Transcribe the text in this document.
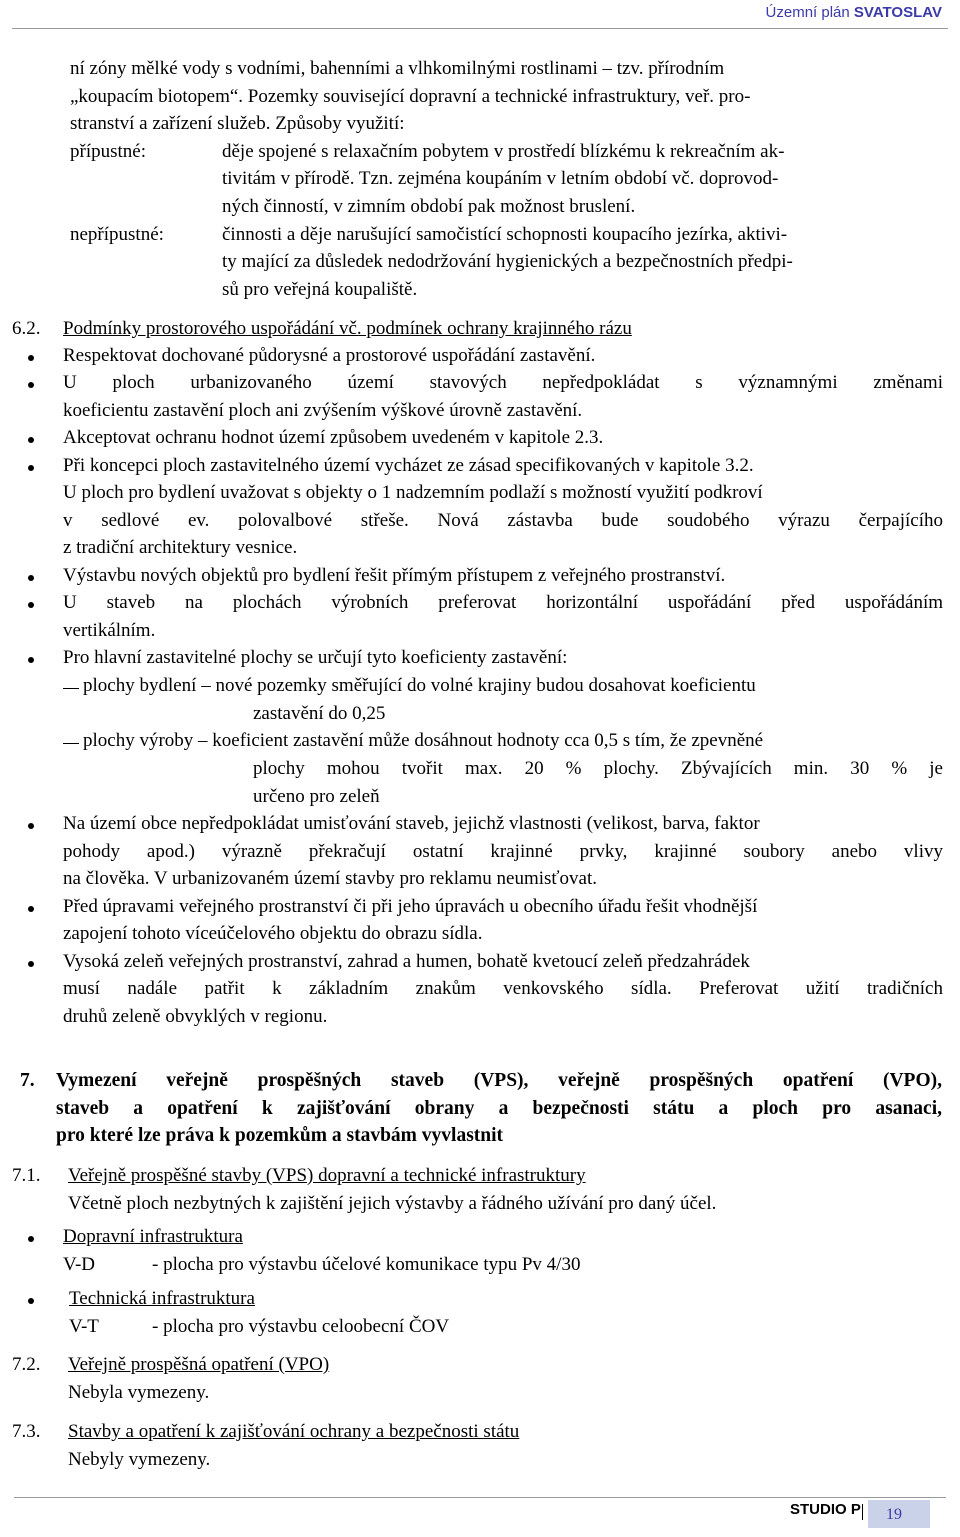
Územní plán SVATOSLAV
ní zóny mělké vody s vodními, bahenními a vlhkomilnými rostlinami – tzv. přírodním
„koupacím biotopem“. Pozemky související dopravní a technické infrastruktury, veř. pro-
stranství a zařízení služeb. Způsoby využití:
přípustné:	děje spojené s relaxačním pobytem v prostředí blízkému k rekreačním ak-
tivitám v přírodě. Tzn. zejména koupáním v letním období vč. doprovod-
ných činností, v zimním období pak možnost bruslení.
nepřípustné:	činnosti a děje narušující samočistící schopnosti koupacího jezírka, aktivi-
ty mající za důsledek nedodržování hygienických a bezpečnostních předpi-
sů pro veřejná koupaliště.
6.2. Podmínky prostorového uspořádání vč. podmínek ochrany krajinného rázu
Respektovat dochované půdorysné a prostorové uspořádání zastavění.
U ploch urbanizovaného území stavových nepředpokládat s významnými změnami
koeficientu zastavění ploch ani zvýšením výškové úrovně zastavění.
Akceptovat ochranu hodnot území způsobem uvedeném v kapitole 2.3.
Při koncepci ploch zastavitelného území vycházet ze zásad specifikovaných v kapitole 3.2.
U ploch pro bydlení uvažovat s objekty o 1 nadzemním podlaží s možností využití podkroví
v sedlové ev. polovalbové střeše. Nová zástavba bude soudobého výrazu čerpajícího
z tradiční architektury vesnice.
Výstavbu nových objektů pro bydlení řešit přímým přístupem z veřejného prostranství.
U staveb na plochách výrobních preferovat horizontální uspořádání před uspořádáním
vertikálním.
Pro hlavní zastavitelné plochy se určují tyto koeficienty zastavění:
plochy bydlení – nové pozemky směřující do volné krajiny budou dosahovat koeficientu
zastavění do 0,25
plochy výroby – koeficient zastavění může dosáhnout hodnoty cca 0,5 s tím, že zpevněné
plochy mohou tvořit max. 20 % plochy. Zbývajících min. 30 % je
určeno pro zeleň
Na území obce nepředpokládat umisťování staveb, jejichž vlastnosti (velikost, barva, faktor
pohody apod.) výrazně překračují ostatní krajinné prvky, krajinné soubory anebo vlivy
na člověka. V urbanizovaném území stavby pro reklamu neumisťovat.
Před úpravami veřejného prostranství či při jeho úpravách u obecního úřadu řešit vhodnější
zapojení tohoto víceúčelového objektu do obrazu sídla.
Vysoká zeleň veřejných prostranství, zahrad a humen, bohatě kvetoucí zeleň předzahrádek
musí nadále patřit k základním znakům venkovského sídla. Preferovat užití tradičních
druhů zeleně obvyklých v regionu.
7. Vymezení veřejně prospěšných staveb (VPS), veřejně prospěšných opatření (VPO),
staveb a opatření k zajišťování obrany a bezpečnosti státu a ploch pro asanaci,
pro které lze práva k pozemkům a stavbám vyvlastnit
7.1. Veřejně prospěšné stavby (VPS) dopravní a technické infrastruktury
Včetně ploch nezbytných k zajištění jejich výstavby a řádného užívání pro daný účel.
Dopravní infrastruktura
V-D	- plocha pro výstavbu účelové komunikace typu Pv 4/30
Technická infrastruktura
V-T	- plocha pro výstavbu celoobecní ČOV
7.2. Veřejně prospěšná opatření (VPO)
Nebyla vymezeny.
7.3. Stavby a opatření k zajišťování ochrany a bezpečnosti státu
Nebyly vymezeny.
STUDIO P 19
